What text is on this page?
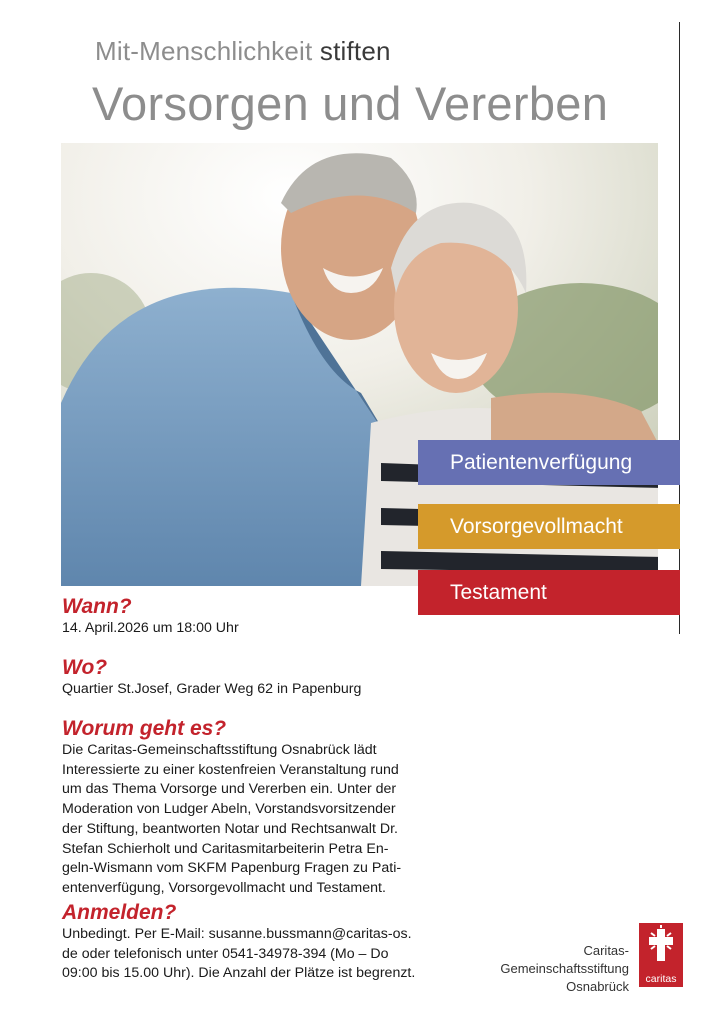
Mit-Menschlichkeit stiften
Vorsorgen und Vererben
Patientenverfügung
Vorsorgevollmacht
Testament
Wann?
14. April.2026 um 18:00 Uhr
Wo?
Quartier St.Josef, Grader Weg 62 in Papenburg
Worum geht es?
Die Caritas-Gemeinschaftsstiftung Osnabrück lädt
Interessierte zu einer kostenfreien Veranstaltung rund
um das Thema Vorsorge und Vererben ein. Unter der
Moderation von Ludger Abeln, Vorstandsvorsitzender
der Stiftung, beantworten Notar und Rechtsanwalt Dr.
Stefan Schierholt und Caritasmitarbeiterin Petra En-
geln-Wismann vom SKFM Papenburg Fragen zu Pati-
entenverfügung, Vorsorgevollmacht und Testament.
Anmelden?
Unbedingt. Per E-Mail: susanne.bussmann@caritas-os.
de oder telefonisch unter 0541-34978-394 (Mo – Do
09:00 bis 15.00 Uhr). Die Anzahl der Plätze ist begrenzt.
Caritas-
Gemeinschaftsstiftung
Osnabrück	caritas
